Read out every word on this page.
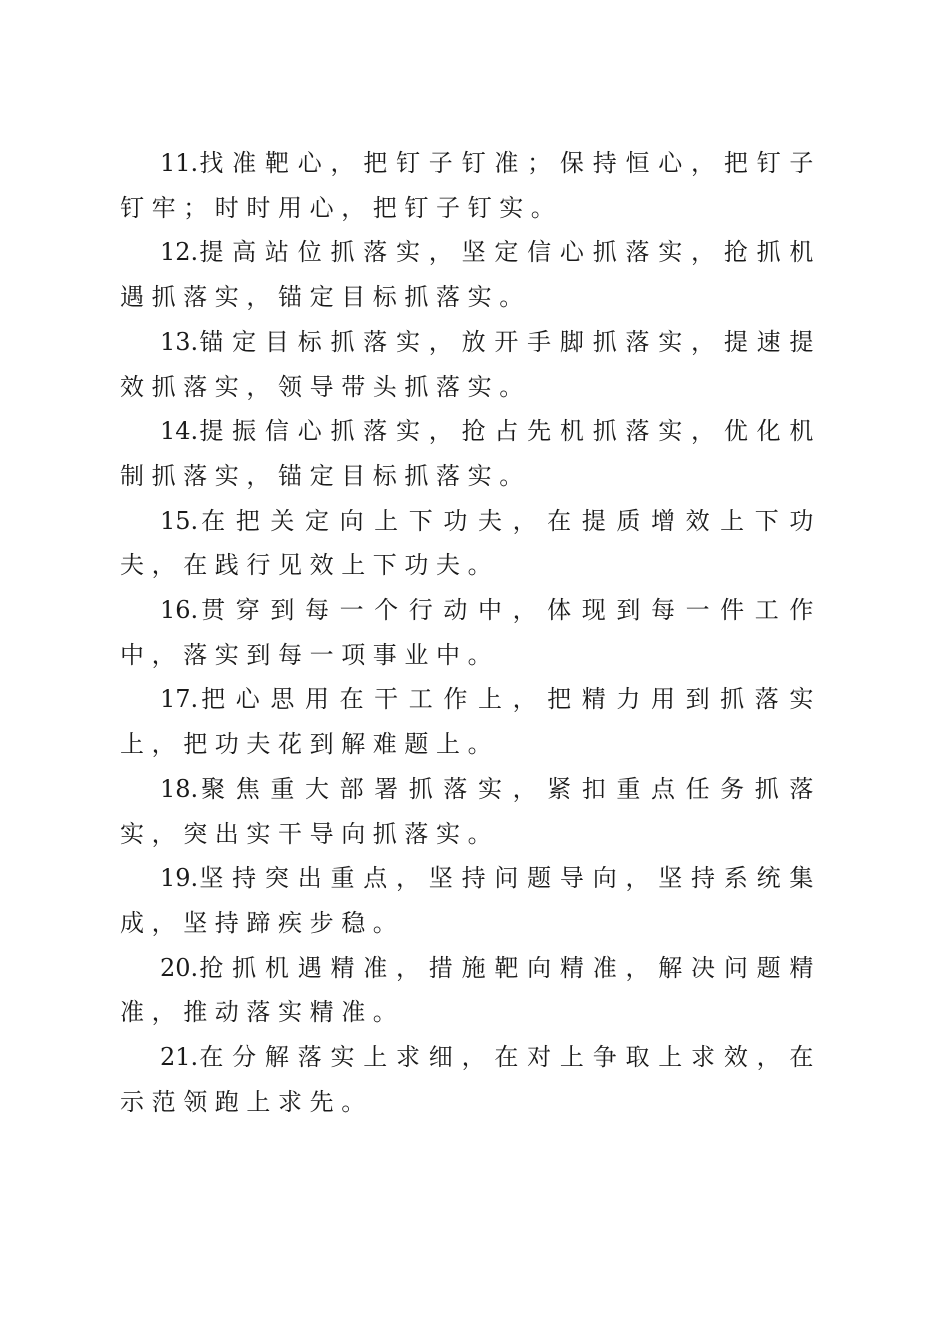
11.找准靶心，把钉子钉准；保持恒心，把钉子钉牢；时时用心，把钉子钉实。

12.提高站位抓落实，坚定信心抓落实，抢抓机遇抓落实，锚定目标抓落实。

13.锚定目标抓落实，放开手脚抓落实，提速提效抓落实，领导带头抓落实。

14.提振信心抓落实，抢占先机抓落实，优化机制抓落实，锚定目标抓落实。

15.在把关定向上下功夫，在提质增效上下功夫，在践行见效上下功夫。

16.贯穿到每一个行动中，体现到每一件工作中，落实到每一项事业中。

17.把心思用在干工作上，把精力用到抓落实上，把功夫花到解难题上。

18.聚焦重大部署抓落实，紧扣重点任务抓落实，突出实干导向抓落实。

19.坚持突出重点，坚持问题导向，坚持系统集成，坚持蹄疾步稳。

20.抢抓机遇精准，措施靶向精准，解决问题精准，推动落实精准。

21.在分解落实上求细，在对上争取上求效，在示范领跑上求先。
